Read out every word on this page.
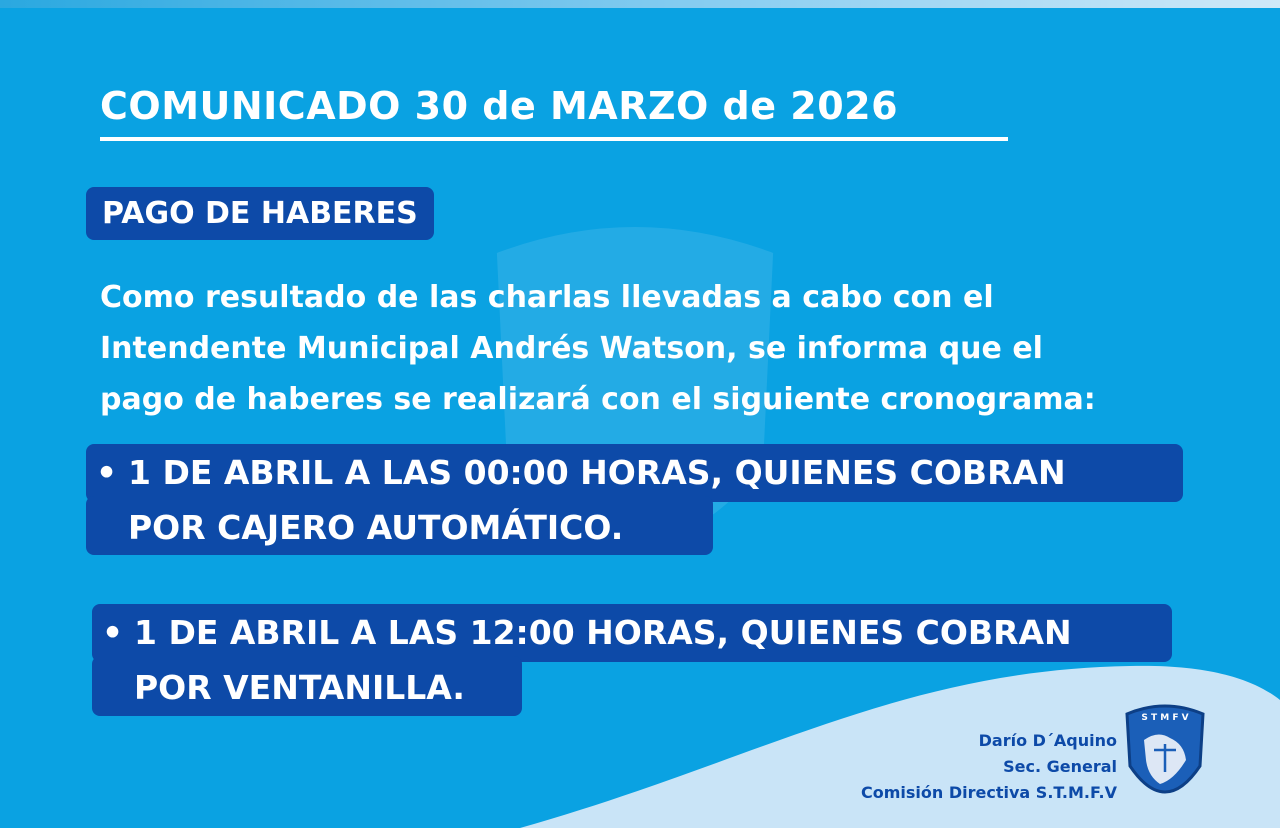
COMUNICADO 30 de MARZO de 2026
PAGO DE HABERES
Como resultado de las charlas llevadas a cabo con el
Intendente Municipal Andrés Watson, se informa que el
pago de haberes se realizará con el siguiente cronograma:
• 1 DE ABRIL A LAS 00:00 HORAS, QUIENES COBRAN
POR CAJERO AUTOMÁTICO.
• 1 DE ABRIL A LAS 12:00 HORAS, QUIENES COBRAN
POR VENTANILLA.
Darío D´Aquino
Sec. General
Comisión Directiva S.T.M.F.V
S T M F V
